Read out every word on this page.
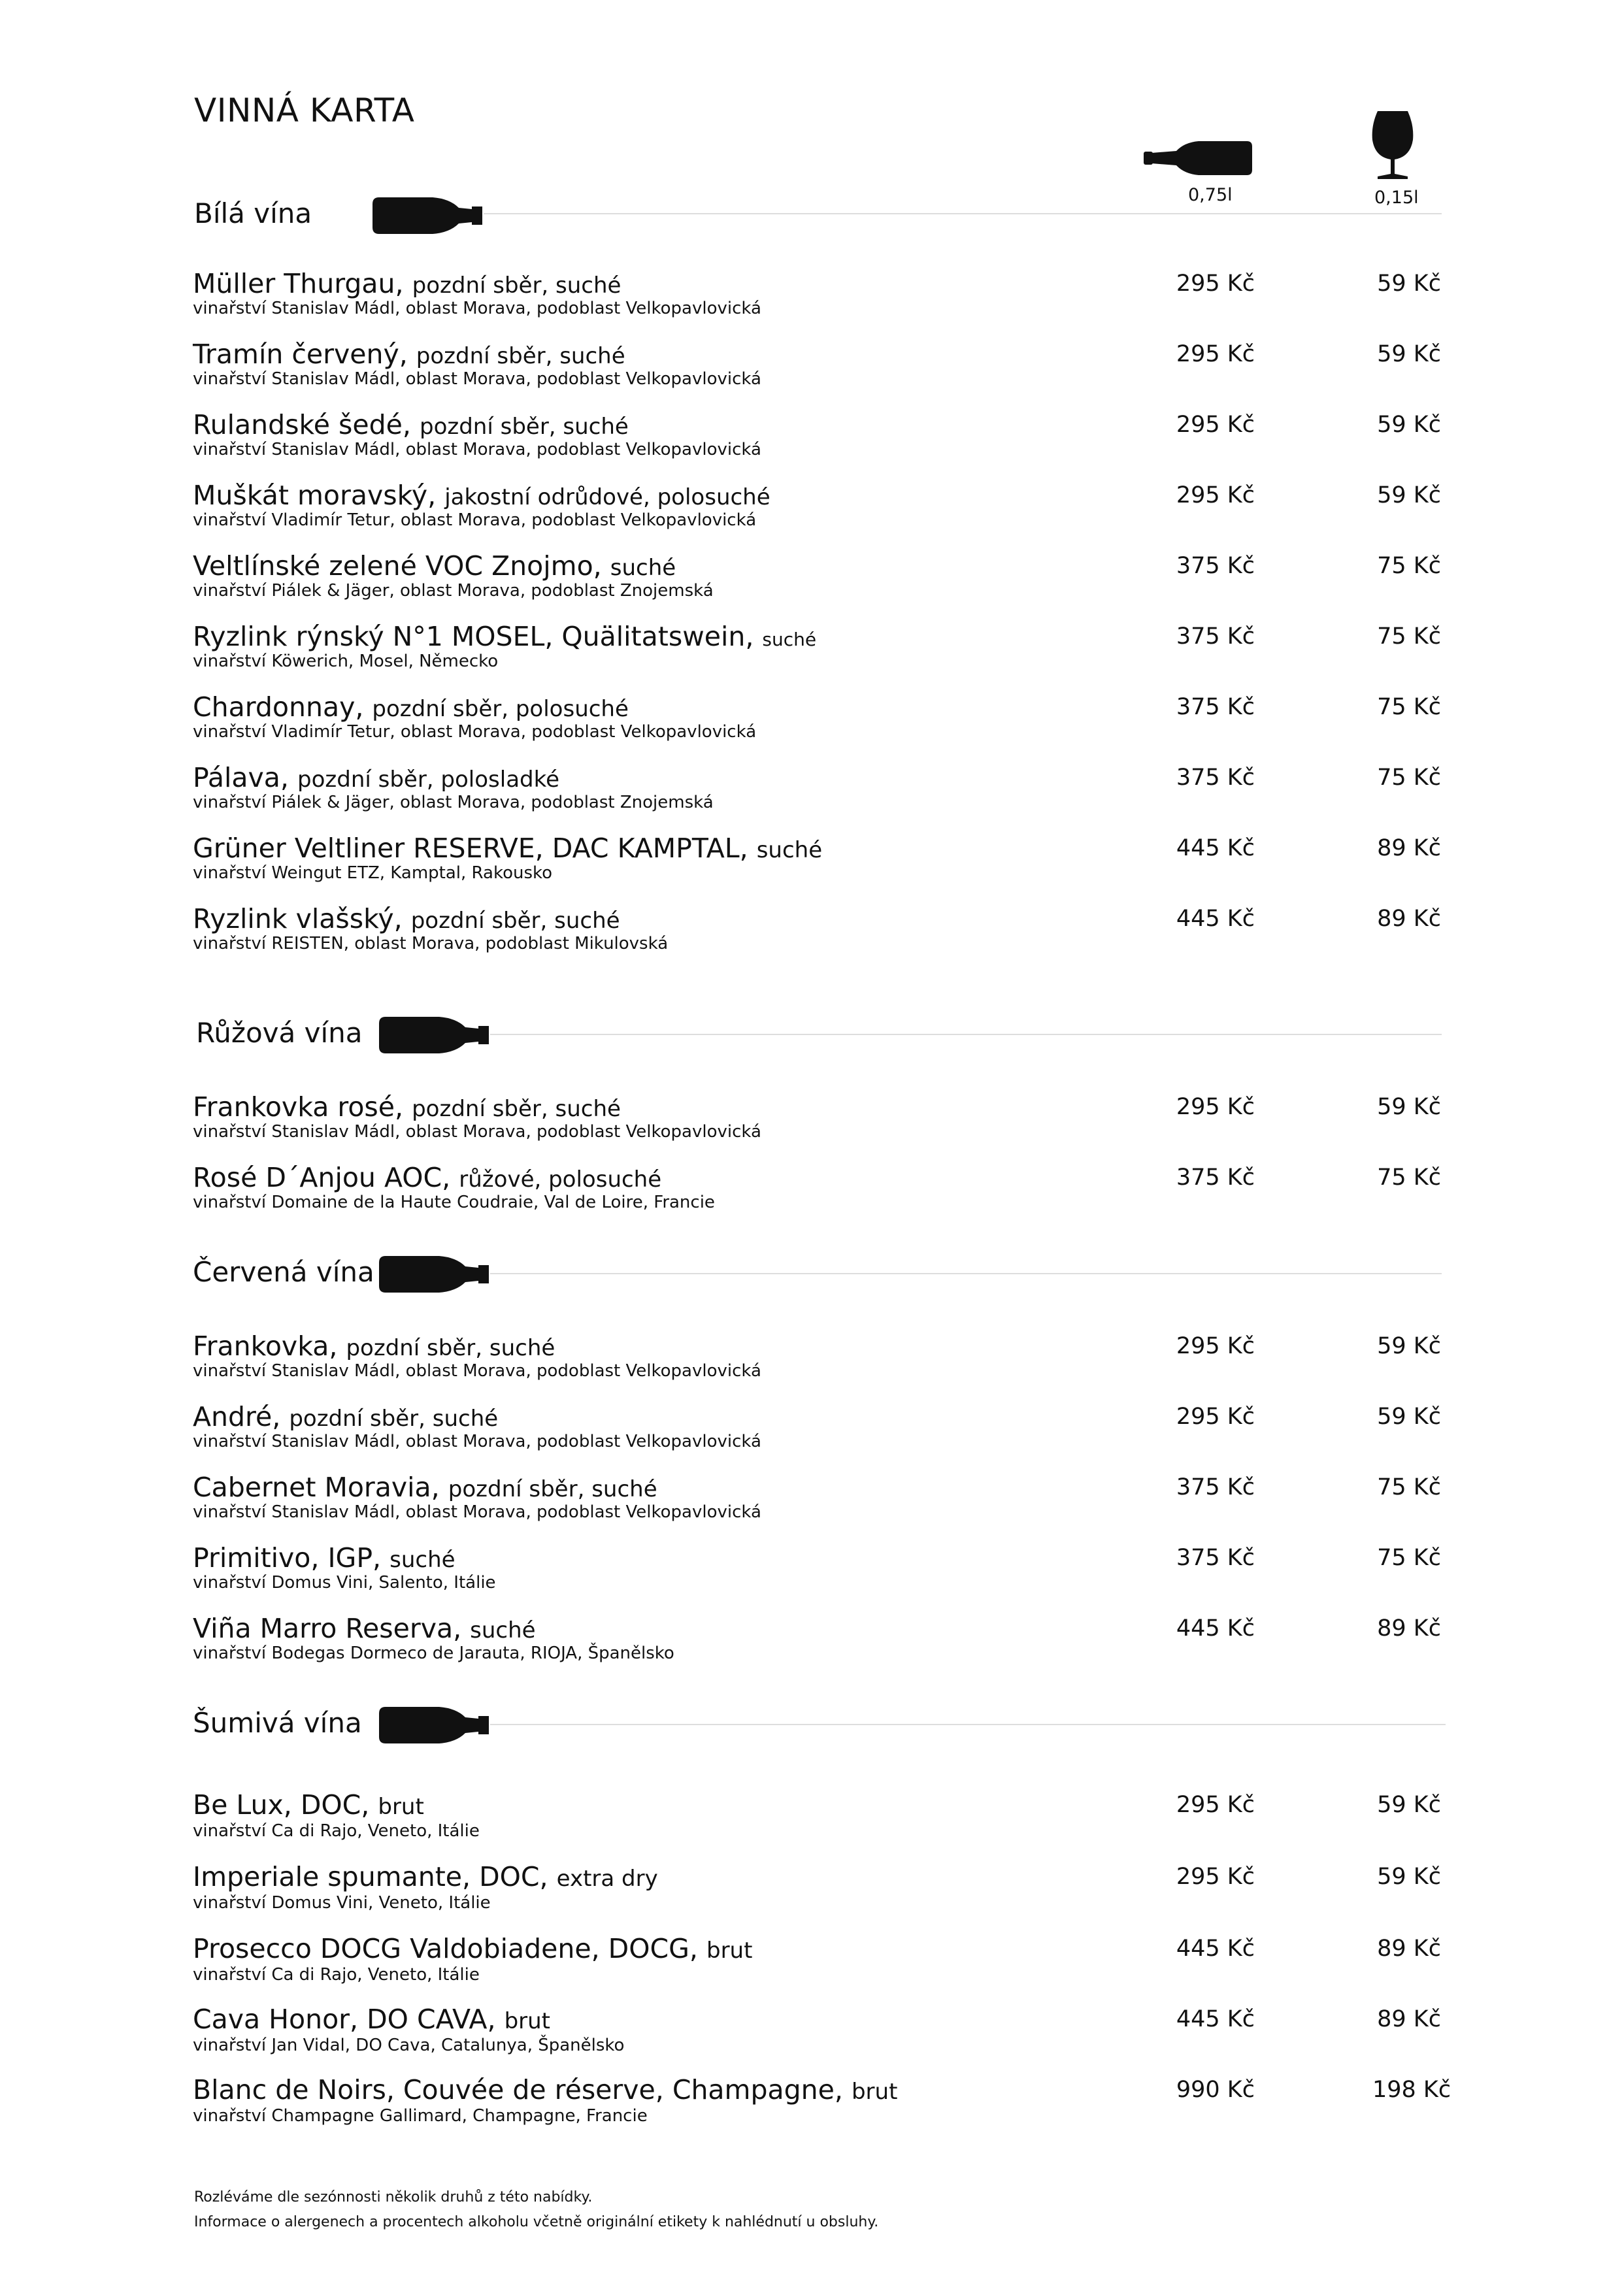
VINNÁ KARTA
0,75l	0,15l
Bílá vína
Růžová vína
Červená vína
Šumivá vína
Müller Thurgau, pozdní sběr, suché
vinařství Stanislav Mádl, oblast Morava, podoblast Velkopavlovická
295 Kč	59 Kč
Tramín červený, pozdní sběr, suché
vinařství Stanislav Mádl, oblast Morava, podoblast Velkopavlovická
295 Kč	59 Kč
Rulandské šedé, pozdní sběr, suché
vinařství Stanislav Mádl, oblast Morava, podoblast Velkopavlovická
295 Kč	59 Kč
Muškát moravský, jakostní odrůdové, polosuché
vinařství Vladimír Tetur, oblast Morava, podoblast Velkopavlovická
295 Kč	59 Kč
Veltlínské zelené VOC Znojmo, suché
vinařství Piálek & Jäger, oblast Morava, podoblast Znojemská
375 Kč	75 Kč
Ryzlink rýnský N°1 MOSEL, Quälitatswein, suché
vinařství Köwerich, Mosel, Německo
375 Kč	75 Kč
Chardonnay, pozdní sběr, polosuché
vinařství Vladimír Tetur, oblast Morava, podoblast Velkopavlovická
375 Kč	75 Kč
Pálava, pozdní sběr, polosladké
vinařství Piálek & Jäger, oblast Morava, podoblast Znojemská
375 Kč	75 Kč
Grüner Veltliner RESERVE, DAC KAMPTAL, suché
vinařství Weingut ETZ, Kamptal, Rakousko
445 Kč	89 Kč
Ryzlink vlašský, pozdní sběr, suché
vinařství REISTEN, oblast Morava, podoblast Mikulovská
445 Kč	89 Kč
Frankovka rosé, pozdní sběr, suché
vinařství Stanislav Mádl, oblast Morava, podoblast Velkopavlovická
295 Kč	59 Kč
Rosé D´Anjou AOC, růžové, polosuché
vinařství Domaine de la Haute Coudraie, Val de Loire, Francie
375 Kč	75 Kč
Frankovka, pozdní sběr, suché
vinařství Stanislav Mádl, oblast Morava, podoblast Velkopavlovická
295 Kč	59 Kč
André, pozdní sběr, suché
vinařství Stanislav Mádl, oblast Morava, podoblast Velkopavlovická
295 Kč	59 Kč
Cabernet Moravia, pozdní sběr, suché
vinařství Stanislav Mádl, oblast Morava, podoblast Velkopavlovická
375 Kč	75 Kč
Primitivo, IGP, suché
vinařství Domus Vini, Salento, Itálie
375 Kč	75 Kč
Viña Marro Reserva, suché
vinařství Bodegas Dormeco de Jarauta, RIOJA, Španělsko
445 Kč	89 Kč
Be Lux, DOC, brut
vinařství Ca di Rajo, Veneto, Itálie
295 Kč	59 Kč
Imperiale spumante, DOC, extra dry
vinařství Domus Vini, Veneto, Itálie
295 Kč	59 Kč
Prosecco DOCG Valdobiadene, DOCG, brut
vinařství Ca di Rajo, Veneto, Itálie
445 Kč	89 Kč
Cava Honor, DO CAVA, brut
vinařství Jan Vidal, DO Cava, Catalunya, Španělsko
445 Kč	89 Kč
Blanc de Noirs, Couvée de réserve, Champagne, brut
vinařství Champagne Gallimard, Champagne, Francie
990 Kč	198 Kč
Rozléváme dle sezónnosti několik druhů z této nabídky.
Informace o alergenech a procentech alkoholu včetně originální etikety k nahlédnutí u obsluhy.
